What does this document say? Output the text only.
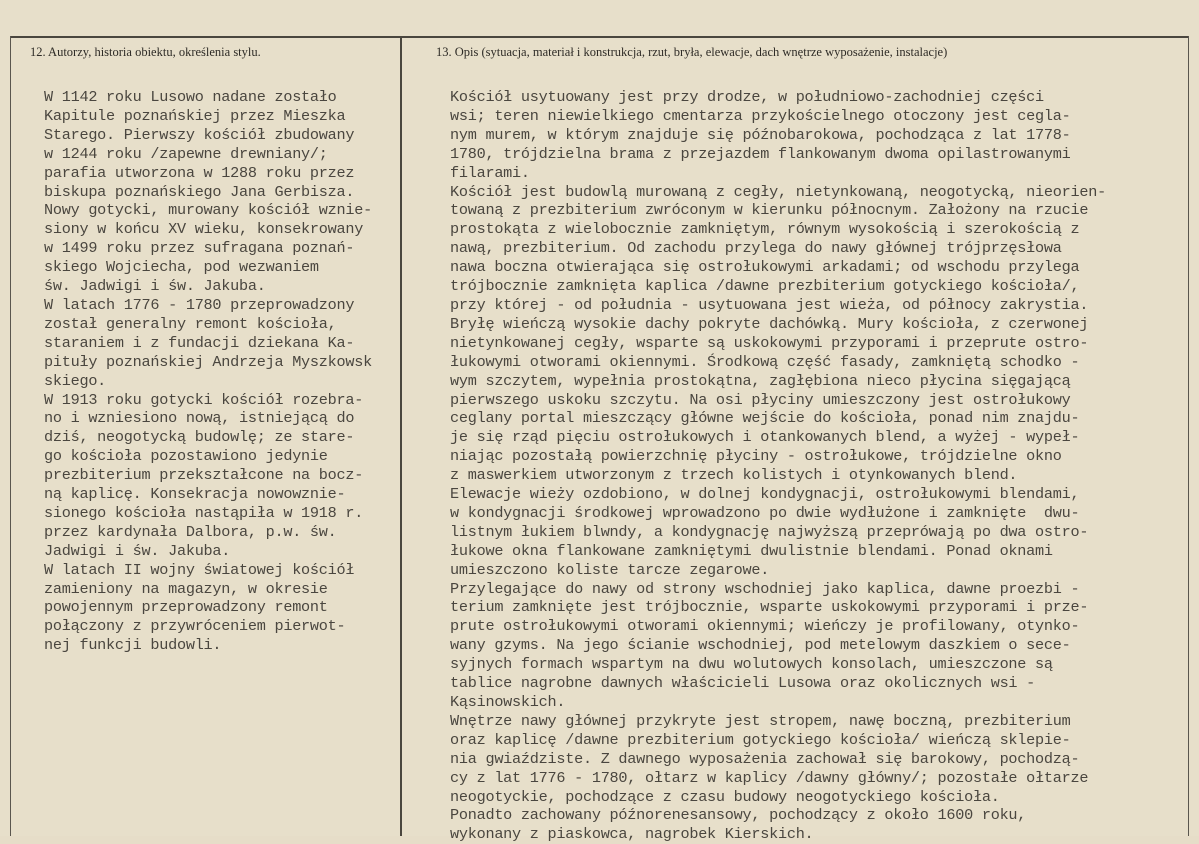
12. Autorzy, historia obiektu, określenia stylu.	13. Opis (sytuacja, materiał i konstrukcja, rzut, bryła, elewacje, dach wnętrze wyposażenie, instalacje)
W 1142 roku Lusowo nadane zostało
Kapitule poznańskiej przez Mieszka
Starego. Pierwszy kościół zbudowany
w 1244 roku /zapewne drewniany/;
parafia utworzona w 1288 roku przez
biskupa poznańskiego Jana Gerbisza.
Nowy gotycki, murowany kościół wznie-
siony w końcu XV wieku, konsekrowany
w 1499 roku przez sufragana poznań-
skiego Wojciecha, pod wezwaniem
św. Jadwigi i św. Jakuba.
W latach 1776 - 1780 przeprowadzony
został generalny remont kościoła,
staraniem i z fundacji dziekana Ka-
pituły poznańskiej Andrzeja Myszkowsk
skiego.
W 1913 roku gotycki kościół rozebra-
no i wzniesiono nową, istniejącą do
dziś, neogotycką budowlę; ze stare-
go kościoła pozostawiono jedynie
prezbiterium przekształcone na bocz-
ną kaplicę. Konsekracja nowowznie-
sionego kościoła nastąpiła w 1918 r.
przez kardynała Dalbora, p.w. św.
Jadwigi i św. Jakuba.
W latach II wojny światowej kościół
zamieniony na magazyn, w okresie
powojennym przeprowadzony remont
połączony z przywróceniem pierwot-
nej funkcji budowli.
Kościół usytuowany jest przy drodze, w południowo-zachodniej części
wsi; teren niewielkiego cmentarza przykościelnego otoczony jest cegla-
nym murem, w którym znajduje się późnobarokowa, pochodząca z lat 1778-
1780, trójdzielna brama z przejazdem flankowanym dwoma opilastrowanymi
filarami.
Kościół jest budowlą murowaną z cegły, nietynkowaną, neogotycką, nieorien-
towaną z prezbiterium zwróconym w kierunku północnym. Założony na rzucie
prostokąta z wielobocznie zamkniętym, równym wysokością i szerokością z
nawą, prezbiterium. Od zachodu przylega do nawy głównej trójprzęsłowa
nawa boczna otwierająca się ostrołukowymi arkadami; od wschodu przylega
trójbocznie zamknięta kaplica /dawne prezbiterium gotyckiego kościoła/,
przy której - od południa - usytuowana jest wieża, od północy zakrystia.
Bryłę wieńczą wysokie dachy pokryte dachówką. Mury kościoła, z czerwonej
nietynkowanej cegły, wsparte są uskokowymi przyporami i przeprute ostro-
łukowymi otworami okiennymi. Środkową część fasady, zamkniętą schodko -
wym szczytem, wypełnia prostokątna, zagłębiona nieco płycina sięgającą
pierwszego uskoku szczytu. Na osi płyciny umieszczony jest ostrołukowy
ceglany portal mieszczący główne wejście do kościoła, ponad nim znajdu-
je się rząd pięciu ostrołukowych i otankowanych blend, a wyżej - wypeł-
niając pozostałą powierzchnię płyciny - ostrołukowe, trójdzielne okno
z maswerkiem utworzonym z trzech kolistych i otynkowanych blend.
Elewacje wieży ozdobiono, w dolnej kondygnacji, ostrołukowymi blendami,
w kondygnacji środkowej wprowadzono po dwie wydłużone i zamknięte  dwu-
listnym łukiem blwndy, a kondygnację najwyższą przeprówają po dwa ostro-
łukowe okna flankowane zamkniętymi dwulistnie blendami. Ponad oknami
umieszczono koliste tarcze zegarowe.
Przylegające do nawy od strony wschodniej jako kaplica, dawne proezbi -
terium zamknięte jest trójbocznie, wsparte uskokowymi przyporami i prze-
prute ostrołukowymi otworami okiennymi; wieńczy je profilowany, otynko-
wany gzyms. Na jego ścianie wschodniej, pod metelowym daszkiem o sece-
syjnych formach wspartym na dwu wolutowych konsolach, umieszczone są
tablice nagrobne dawnych właścicieli Lusowa oraz okolicznych wsi -
Kąsinowskich.
Wnętrze nawy głównej przykryte jest stropem, nawę boczną, prezbiterium
oraz kaplicę /dawne prezbiterium gotyckiego kościoła/ wieńczą sklepie-
nia gwiaździste. Z dawnego wyposażenia zachował się barokowy, pochodzą-
cy z lat 1776 - 1780, ołtarz w kaplicy /dawny główny/; pozostałe ołtarze
neogotyckie, pochodzące z czasu budowy neogotyckiego kościoła.
Ponadto zachowany późnorenesansowy, pochodzący z około 1600 roku,
wykonany z piaskowca, nagrobek Kierskich.
